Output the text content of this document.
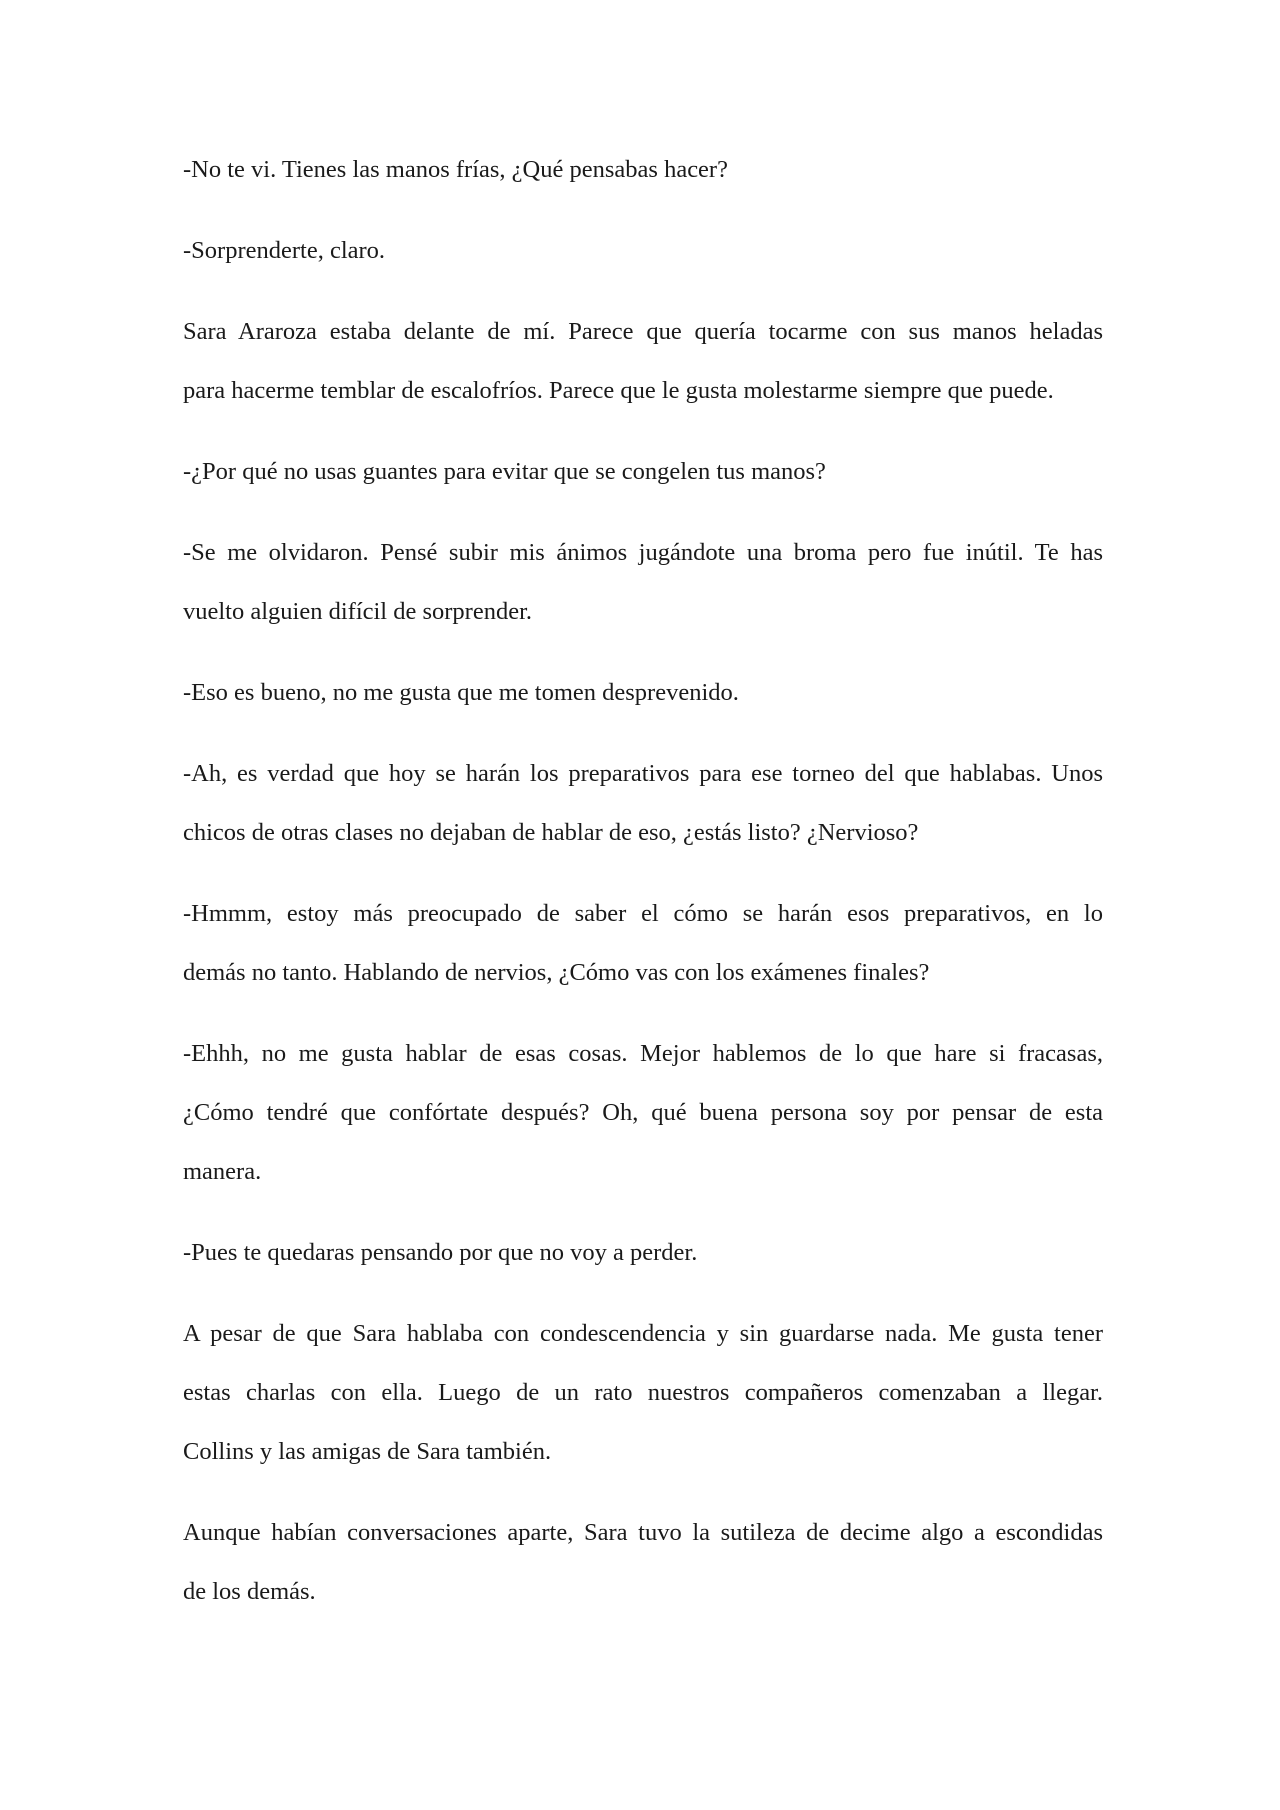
-No te vi. Tienes las manos frías, ¿Qué pensabas hacer?

-Sorprenderte, claro.

Sara Araroza estaba delante de mí. Parece que quería tocarme con sus manos heladas
para hacerme temblar de escalofríos. Parece que le gusta molestarme siempre que puede.

-¿Por qué no usas guantes para evitar que se congelen tus manos?

-Se me olvidaron. Pensé subir mis ánimos jugándote una broma pero fue inútil. Te has
vuelto alguien difícil de sorprender.

-Eso es bueno, no me gusta que me tomen desprevenido.

-Ah, es verdad que hoy se harán los preparativos para ese torneo del que hablabas. Unos
chicos de otras clases no dejaban de hablar de eso, ¿estás listo? ¿Nervioso?

-Hmmm, estoy más preocupado de saber el cómo se harán esos preparativos, en lo
demás no tanto. Hablando de nervios, ¿Cómo vas con los exámenes finales?

-Ehhh, no me gusta hablar de esas cosas. Mejor hablemos de lo que hare si fracasas,
¿Cómo tendré que confórtate después? Oh, qué buena persona soy por pensar de esta
manera.

-Pues te quedaras pensando por que no voy a perder.

A pesar de que Sara hablaba con condescendencia y sin guardarse nada. Me gusta tener
estas charlas con ella. Luego de un rato nuestros compañeros comenzaban a llegar.
Collins y las amigas de Sara también.

Aunque habían conversaciones aparte, Sara tuvo la sutileza de decime algo a escondidas
de los demás.
